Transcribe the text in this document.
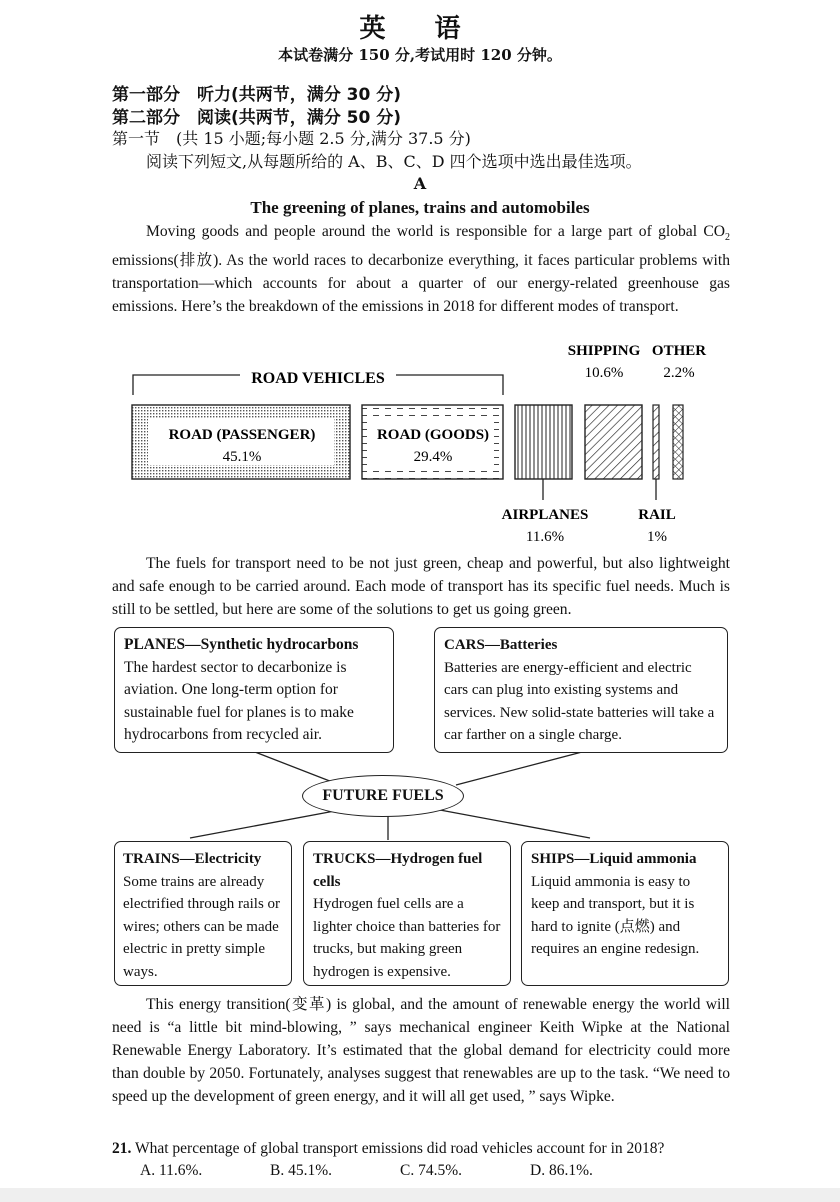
英 语
本试卷满分 150 分,考试用时 120 分钟。
第一部分　听力(共两节，满分 30 分)
第二部分　阅读(共两节，满分 50 分)
第一节　(共 15 小题;每小题 2.5 分,满分 37.5 分)
阅读下列短文,从每题所给的 A、B、C、D 四个选项中选出最佳选项。
A
The greening of planes, trains and automobiles

Moving goods and people around the world is responsible for a large part of global $CO_2$ emissions(排放). As the world races to decarbonize everything, it faces particular problems with transportation—which accounts for about a quarter of our energy-related greenhouse gas emissions. Here’s the breakdown of the emissions in 2018 for different modes of transport.

ROAD VEHICLES
ROAD (PASSENGER)
45.1%
ROAD (GOODS)
29.4%
SHIPPING
10.6%
OTHER
2.2%
AIRPLANES
11.6%
RAIL
1%

The fuels for transport need to be not just green, cheap and powerful, but also lightweight and safe enough to be carried around. Each mode of transport has its specific fuel needs. Much is still to be settled, but here are some of the solutions to get us going green.

PLANES—Synthetic hydrocarbons
The hardest sector to decarbonize is aviation. One long-term option for sustainable fuel for planes is to make hydrocarbons from recycled air.
CARS—Batteries
Batteries are energy-efficient and electric cars can plug into existing systems and services. New solid-state batteries will take a car farther on a single charge.
FUTURE FUELS
TRAINS—Electricity
Some trains are already electrified through rails or wires; others can be made electric in pretty simple ways.
TRUCKS—Hydrogen fuel cells
Hydrogen fuel cells are a lighter choice than batteries for trucks, but making green hydrogen is expensive.
SHIPS—Liquid ammonia
Liquid ammonia is easy to keep and transport, but it is hard to ignite (点燃) and requires an engine redesign.

This energy transition(变革) is global, and the amount of renewable energy the world will need is “a little bit mind-blowing, ” says mechanical engineer Keith Wipke at the National Renewable Energy Laboratory. It’s estimated that the global demand for electricity could more than double by 2050. Fortunately, analyses suggest that renewables are up to the task. “We need to speed up the development of green energy, and it will all get used, ” says Wipke.

21. What percentage of global transport emissions did road vehicles account for in 2018?
A. 11.6%.	B. 45.1%.	C. 74.5%.	D. 86.1%.
